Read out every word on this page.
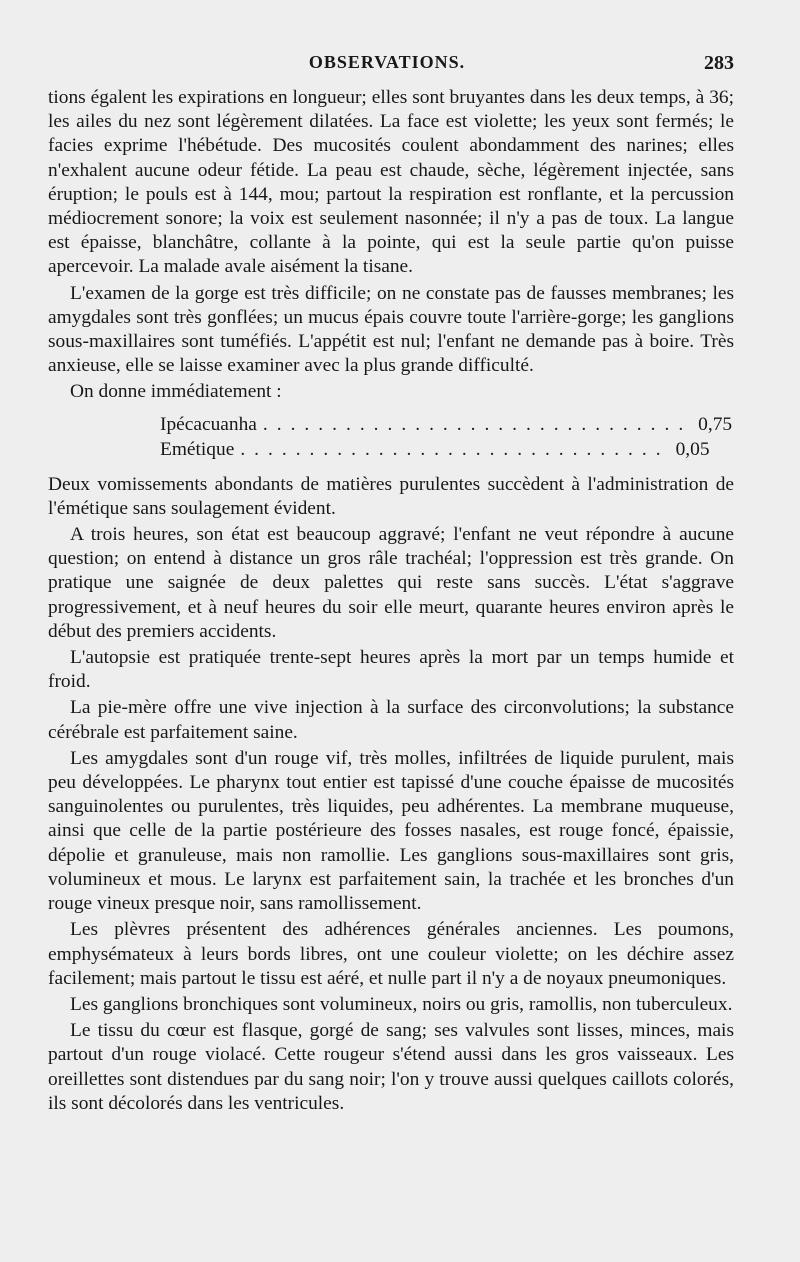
OBSERVATIONS.	283

tions égalent les expirations en longueur; elles sont bruyantes dans les deux temps, à 36; les ailes du nez sont légèrement dilatées. La face est violette; les yeux sont fermés; le facies exprime l'hébétude. Des mucosités coulent abondamment des narines; elles n'exhalent aucune odeur fétide. La peau est chaude, sèche, légèrement injectée, sans éruption; le pouls est à 144, mou; partout la respiration est ronflante, et la percussion médiocrement sonore; la voix est seulement nasonnée; il n'y a pas de toux. La langue est épaisse, blanchâtre, collante à la pointe, qui est la seule partie qu'on puisse apercevoir. La malade avale aisément la tisane.

L'examen de la gorge est très difficile; on ne constate pas de fausses membranes; les amygdales sont très gonflées; un mucus épais couvre toute l'arrière-gorge; les ganglions sous-maxillaires sont tuméfiés. L'appétit est nul; l'enfant ne demande pas à boire. Très anxieuse, elle se laisse examiner avec la plus grande difficulté.

On donne immédiatement :

Ipécacuanha ............................... 0,75
Emétique ............................... 0,05

Deux vomissements abondants de matières purulentes succèdent à l'administration de l'émétique sans soulagement évident.

A trois heures, son état est beaucoup aggravé; l'enfant ne veut répondre à aucune question; on entend à distance un gros râle trachéal; l'oppression est très grande. On pratique une saignée de deux palettes qui reste sans succès. L'état s'aggrave progressivement, et à neuf heures du soir elle meurt, quarante heures environ après le début des premiers accidents.

L'autopsie est pratiquée trente-sept heures après la mort par un temps humide et froid.

La pie-mère offre une vive injection à la surface des circonvolutions; la substance cérébrale est parfaitement saine.

Les amygdales sont d'un rouge vif, très molles, infiltrées de liquide purulent, mais peu développées. Le pharynx tout entier est tapissé d'une couche épaisse de mucosités sanguinolentes ou purulentes, très liquides, peu adhérentes. La membrane muqueuse, ainsi que celle de la partie postérieure des fosses nasales, est rouge foncé, épaissie, dépolie et granuleuse, mais non ramollie. Les ganglions sous-maxillaires sont gris, volumineux et mous. Le larynx est parfaitement sain, la trachée et les bronches d'un rouge vineux presque noir, sans ramollissement.

Les plèvres présentent des adhérences générales anciennes. Les poumons, emphysémateux à leurs bords libres, ont une couleur violette; on les déchire assez facilement; mais partout le tissu est aéré, et nulle part il n'y a de noyaux pneumoniques.

Les ganglions bronchiques sont volumineux, noirs ou gris, ramollis, non tuberculeux.

Le tissu du cœur est flasque, gorgé de sang; ses valvules sont lisses, minces, mais partout d'un rouge violacé. Cette rougeur s'étend aussi dans les gros vaisseaux. Les oreillettes sont distendues par du sang noir; l'on y trouve aussi quelques caillots colorés, ils sont décolorés dans les ventricules.
